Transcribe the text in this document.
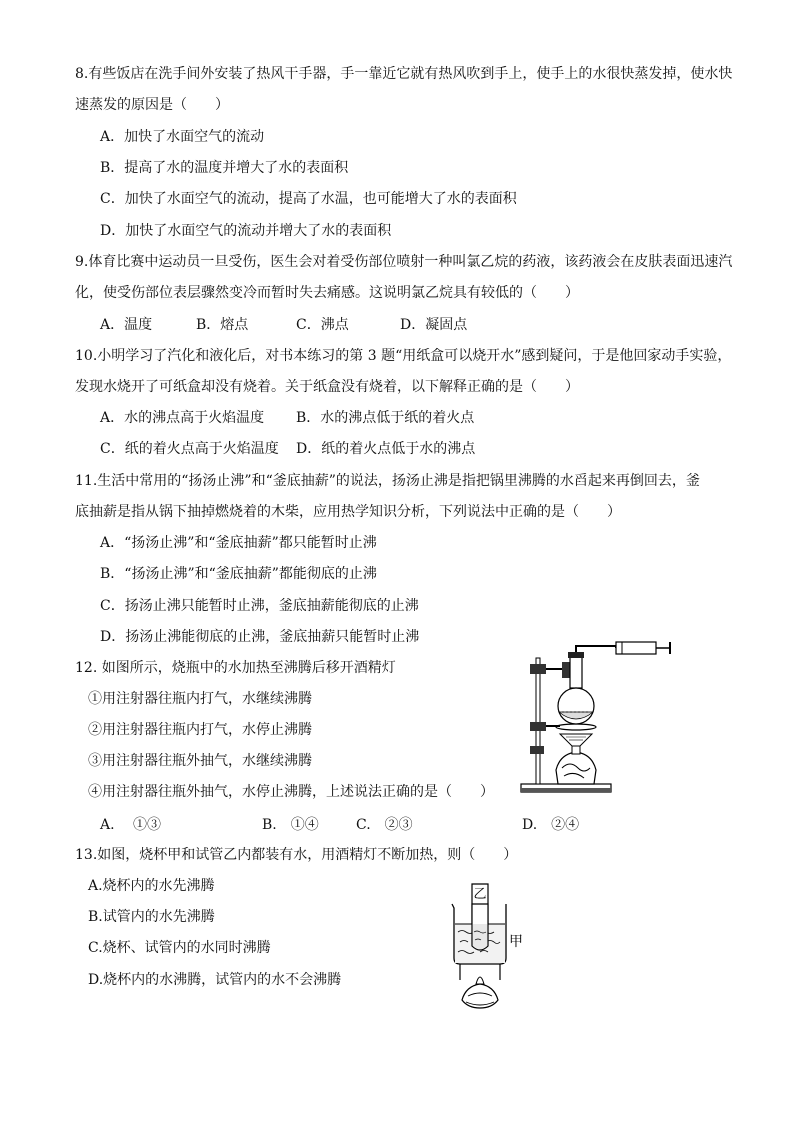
8.有些饭店在洗手间外安装了热风干手器，手一靠近它就有热风吹到手上，使手上的水很快蒸发掉，使水快
速蒸发的原因是（　　）
A．加快了水面空气的流动
B．提高了水的温度并增大了水的表面积
C．加快了水面空气的流动，提高了水温，也可能增大了水的表面积
D．加快了水面空气的流动并增大了水的表面积
9.体育比赛中运动员一旦受伤，医生会对着受伤部位喷射一种叫氯乙烷的药液，该药液会在皮肤表面迅速汽
化，使受伤部位表层骤然变冷而暂时失去痛感。这说明氯乙烷具有较低的（　　）
A．温度	B．熔点	C．沸点	D．凝固点
10.小明学习了汽化和液化后，对书本练习的第 3 题“用纸盒可以烧开水”感到疑问，于是他回家动手实验，
发现水烧开了可纸盒却没有烧着。关于纸盒没有烧着，以下解释正确的是（　　）
A．水的沸点高于火焰温度 B．水的沸点低于纸的着火点
C．纸的着火点高于火焰温度 D．纸的着火点低于水的沸点
11.生活中常用的“扬汤止沸”和“釜底抽薪”的说法，扬汤止沸是指把锅里沸腾的水舀起来再倒回去，釜
底抽薪是指从锅下抽掉燃烧着的木柴，应用热学知识分析，下列说法中正确的是（　　）
A．“扬汤止沸”和“釜底抽薪”都只能暂时止沸
B．“扬汤止沸”和“釜底抽薪”都能彻底的止沸
C．扬汤止沸只能暂时止沸，釜底抽薪能彻底的止沸
D．扬汤止沸能彻底的止沸，釜底抽薪只能暂时止沸
12. 如图所示，烧瓶中的水加热至沸腾后移开酒精灯
①用注射器往瓶内打气，水继续沸腾
②用注射器往瓶内打气，水停止沸腾
③用注射器往瓶外抽气，水继续沸腾
④用注射器往瓶外抽气，水停止沸腾，上述说法正确的是（　　）
A.　 ①③	B.　①④	C.　②③	D.　②④
13.如图，烧杯甲和试管乙内都装有水，用酒精灯不断加热，则（　　）
A.烧杯内的水先沸腾
B.试管内的水先沸腾
C.烧杯、试管内的水同时沸腾
D.烧杯内的水沸腾，试管内的水不会沸腾
乙
甲
